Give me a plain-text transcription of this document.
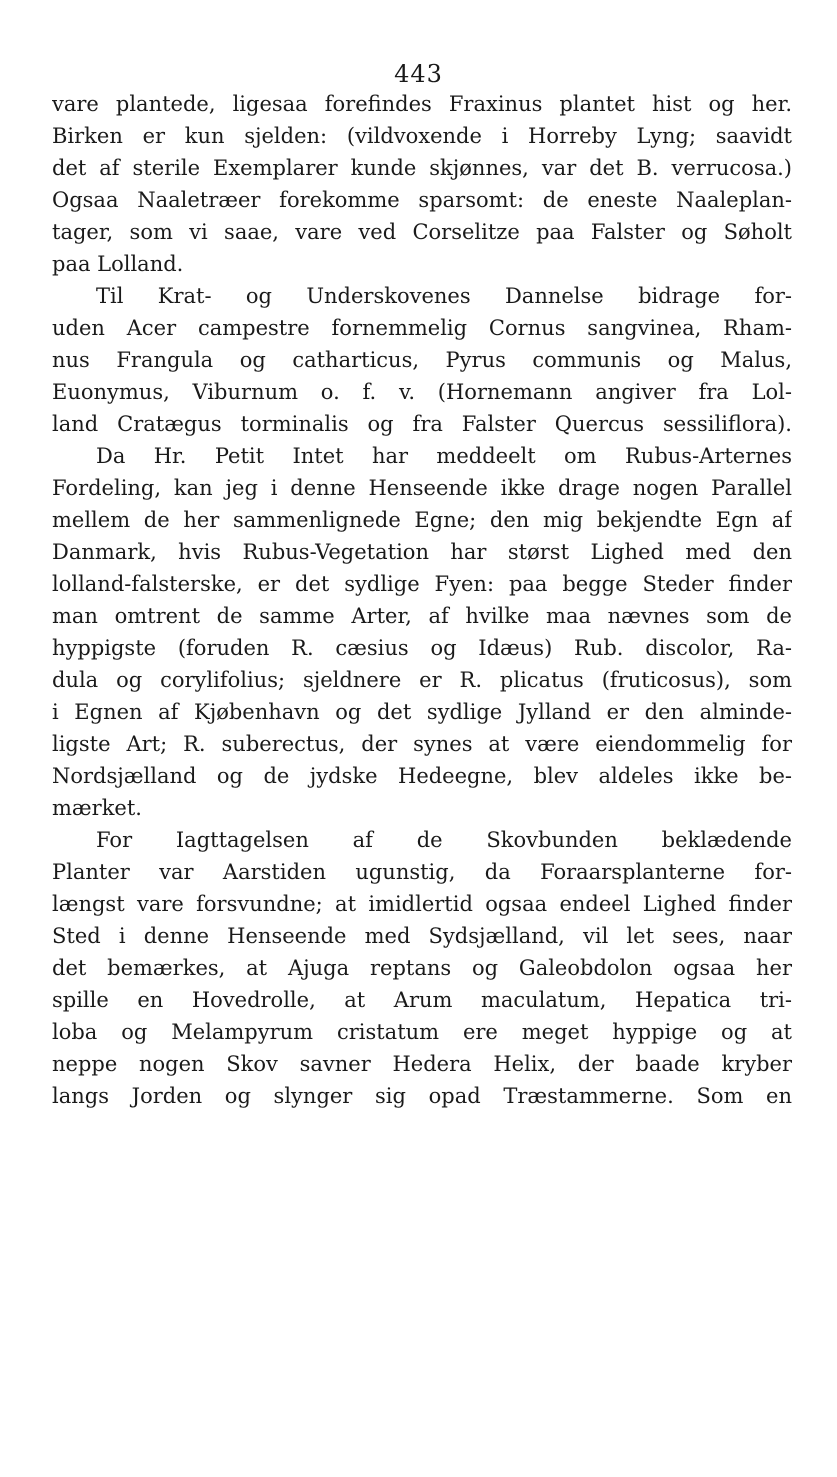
443
vare plantede, ligesaa forefindes Fraxinus plantet hist og her.
Birken er kun sjelden: (vildvoxende i Horreby Lyng; saavidt
det af sterile Exemplarer kunde skjønnes, var det B. verrucosa.)
Ogsaa Naaletræer forekomme sparsomt: de eneste Naaleplan-
tager, som vi saae, vare ved Corselitze paa Falster og Søholt
paa Lolland.
Til Krat- og Underskovenes Dannelse bidrage for-
uden Acer campestre fornemmelig Cornus sangvinea, Rham-
nus Frangula og catharticus, Pyrus communis og Malus,
Euonymus, Viburnum o. f. v. (Hornemann angiver fra Lol-
land Cratægus torminalis og fra Falster Quercus sessiliflora).
Da Hr. Petit Intet har meddeelt om Rubus-Arternes
Fordeling, kan jeg i denne Henseende ikke drage nogen Parallel
mellem de her sammenlignede Egne; den mig bekjendte Egn af
Danmark, hvis Rubus-Vegetation har størst Lighed med den
lolland-falsterske, er det sydlige Fyen: paa begge Steder finder
man omtrent de samme Arter, af hvilke maa nævnes som de
hyppigste (foruden R. cæsius og Idæus) Rub. discolor, Ra-
dula og corylifolius; sjeldnere er R. plicatus (fruticosus), som
i Egnen af Kjøbenhavn og det sydlige Jylland er den alminde-
ligste Art; R. suberectus, der synes at være eiendommelig for
Nordsjælland og de jydske Hedeegne, blev aldeles ikke be-
mærket.
For Iagttagelsen af de Skovbunden beklædende
Planter var Aarstiden ugunstig, da Foraarsplanterne for-
længst vare forsvundne; at imidlertid ogsaa endeel Lighed finder
Sted i denne Henseende med Sydsjælland, vil let sees, naar
det bemærkes, at Ajuga reptans og Galeobdolon ogsaa her
spille en Hovedrolle, at Arum maculatum, Hepatica tri-
loba og Melampyrum cristatum ere meget hyppige og at
neppe nogen Skov savner Hedera Helix, der baade kryber
langs Jorden og slynger sig opad Træstammerne. Som en
